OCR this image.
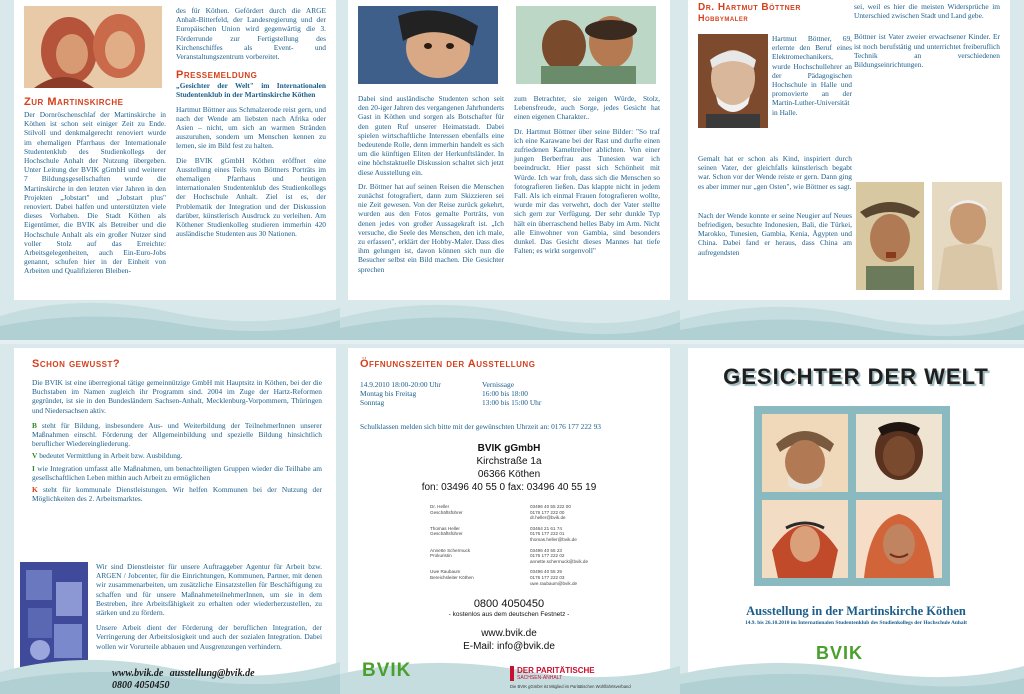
Zur Martinskirche

Der Dornröschenschlaf der Martinskirche in Köthen ist schon seit einiger Zeit zu Ende. Stilvoll und denkmalgerecht renoviert wurde im ehemaligen Pfarrhaus der Internationale Studentenklub des Studienkollegs der Hochschule Anhalt der Nutzung übergeben. Unter Leitung der BVIK gGmbH und weiterer 7 Bildungsgesellschaften wurde die Martinskirche in den letzten vier Jahren in den Projekten „Jobstart" und „Jobstart plus" renoviert. Dabei halfen und unterstützten viele dieses Vorhaben. Die Stadt Köthen als Eigentümer, die BVIK als Betreiber und die Hochschule Anhalt als ein großer Nutzer sind voller Stolz auf das Erreichte: Arbeitsgelegenheiten, auch Ein-Euro-Jobs genannt, schufen hier in der Einheit von Arbeiten und Qualifizieren Bleiben-

des für Köthen. Gefördert durch die ARGE Anhalt-Bitterfeld, der Landesregierung und der Europäischen Union wird gegenwärtig die 3. Förderrunde zur Fertigstellung des Kirchenschiffes als Event- und Veranstaltungszentrum vorbereitet.

Pressemeldung

„Gesichter der Welt" im Internationalen Studentenklub in der Martinskirche Köthen

Hartmut Böttner aus Schmalzerode reist gern, und nach der Wende am liebsten nach Afrika oder Asien – nicht, um sich an warmen Stränden auszuruhen, sondern um Menschen kennen zu lernen, sie im Bild fest zu halten.

Die BVIK gGmbH Köthen eröffnet eine Ausstellung eines Teils von Böttners Porträts im ehemaligen Pfarrhaus und heutigen internationalen Studentenklub des Studienkollegs der Hochschule Anhalt. Ziel ist es, der Problematik der Integration und der Diskussion darüber, künstlerisch Ausdruck zu verleihen. Am Köthener Studienkolleg studieren immerhin 420 ausländische Studenten aus 30 Nationen.

Dabei sind ausländische Studenten schon seit den 20-iger Jahren des vergangenen Jahrhunderts Gast in Köthen und sorgen als Botschafter für den guten Ruf unserer Heimatstadt. Dabei spielen wirtschaftliche Interessen ebenfalls eine bedeutende Rolle, denn immerhin handelt es sich um die künftigen Eliten der Herkunftsländer. In eine höchstaktuelle Diskussion schaltet sich jetzt diese Ausstellung ein.

Dr. Böttner hat auf seinen Reisen die Menschen zunächst fotografiert, dann zum Skizzieren sei nie Zeit gewesen. Von der Reise zurück gekehrt, wurden aus den Fotos gemalte Porträts, von denen jedes von großer Aussagekraft ist. „Ich versuche, die Seele des Menschen, den ich male, zu erfassen", erklärt der Hobby-Maler. Dass dies ihm gelungen ist, davon können sich nun die Besucher selbst ein Bild machen. Die Gesichter sprechen

zum Betrachter, sie zeigen Würde, Stolz, Lebensfreude, auch Sorge, jedes Gesicht hat einen eigenen Charakter..

Dr. Hartmut Böttner über seine Bilder: "So traf ich eine Karawane bei der Rast und durfte einen zufriedenen Kameltreiber ablichten. Von einer jungen Berberfrau aus Tunesien war ich beeindruckt. Hier passt sich Schönheit mit Würde. Ich war froh, dass sich die Menschen so fotografieren ließen. Das klappte nicht in jedem Fall. Als ich einmal Frauen fotografieren wollte, wurde mir das verwehrt, doch der Vater stellte sich gern zur Verfügung. Der sehr dunkle Typ hält ein überraschend helles Baby im Arm. Nicht alle Einwohner von Gambia, sind besonders dunkel. Das Gesicht dieses Mannes hat tiefe Falten; es wirkt sorgenvoll"

Dr. Hartmut Böttner
Hobbymaler

Hartmut Böttner, 69, erlernte den Beruf eines Elektromechanikers, wurde Hochschullehrer an der Pädagogischen Hochschule in Halle und promovierte an der Martin-Luther-Universität in Halle.

Gemalt hat er schon als Kind, inspiriert durch seinen Vater, der gleichfalls künstlerisch begabt war. Schon vor der Wende reiste er gern. Dann ging es aber immer nur „gen Osten", wie Böttner es sagt.

Nach der Wende konnte er seine Neugier auf Neues befriedigen, besuchte Indonesien, Bali, die Türkei, Marokko, Tunesien, Gambia, Kenia, Ägypten und China. Dabei fand er heraus, dass China am aufregendsten

sei, weil es hier die meisten Widersprüche im Unterschied zwischen Stadt und Land gebe.

Böttner ist Vater zweier erwachsener Kinder. Er ist noch berufstätig und unterrichtet freiberuflich Technik an verschiedenen Bildungseinrichtungen.

Schon gewusst?

Die BVIK ist eine überregional tätige gemeinnützige GmbH mit Hauptsitz in Köthen, bei der die Buchstaben im Namen zugleich ihr Programm sind. 2004 im Zuge der Hartz-Reformen gegründet, ist sie in den Bundesländern Sachsen-Anhalt, Mecklenburg-Vorpommern, Thüringen und Niedersachsen aktiv.

B steht für Bildung, insbesondere Aus- und Weiterbildung der TeilnehmerInnen unserer Maßnahmen einschl. Förderung der Allgemeinbildung und spezielle Bildung hinsichtlich beruflicher Wiedereingliederung.

V bedeutet Vermittlung in Arbeit bzw. Ausbildung.

I wie Integration umfasst alle Maßnahmen, um benachteiligten Gruppen wieder die Teilhabe am gesellschaftlichen Leben mithin auch Arbeit zu ermöglichen

K steht für kommunale Dienstleistungen. Wir helfen Kommunen bei der Nutzung der Möglichkeiten des 2. Arbeitsmarktes.

Wir sind Dienstleister für unsere Auftraggeber Agentur für Arbeit bzw. ARGEN / Jobcenter, für die Einrichtungen, Kommunen, Partner, mit denen wir zusammenarbeiten, um zusätzliche Einsatzstellen für Beschäftigung zu schaffen und für unsere MaßnahmeteilnehmerInnen, um sie in dem Bestreben, ihre Arbeitsfähigkeit zu erhalten oder wiederherzustellen, zu stärken und zu fördern.

Unsere Arbeit dient der Förderung der beruflichen Integration, der Verringerung der Arbeitslosigkeit und auch der sozialen Integration. Dabei wollen wir Vorurteile abbauen und Ausgrenzungen verhindern.

www.bvik.de ausstellung@bvik.de
0800 4050450
Öffnungszeiten der Ausstellung
14.9.2010 18:00-20:00 Uhr	Vernissage
Montag bis Freitag	16:00 bis 18:00
Sonntag	13:00 bis 15:00 Uhr

Schulklassen melden sich bitte mit der gewünschten Uhrzeit an: 0176 177 222 93

BVIK gGmbH
Kirchstraße 1a
06366 Köthen
fon: 03496 40 55 0 fax: 03496 40 55 19
Dr. Heller
Geschäftsführer
03496 40 55 222 00
0176 177 222 00
dr.heller@bvik.de
Thomas Heller
Geschäftsführer
03464 21 61 74
0176 177 222 01
thomas.heller@bvik.de
Annette Schermuck
Prokuristin
03496 40 55 23
0176 177 222 02
annette.schermuck@bvik.de
Uwe Raubaum
Bereichsleiter Köthen
03496 40 55 29
0176 177 222 03
uwe.raubaum@bvik.de
0800 4050450
- kostenlos aus dem deutschen Festnetz -
www.bvik.de
E-Mail: info@bvik.de
BVIK	DER PARITÄTISCHE
SACHSEN-ANHALT
Die BVIK gGmbH ist Mitglied im Paritätischen Wohlfahrtsverband
GESICHTER DER WELT
Ausstellung in der Martinskirche Köthen
14.9. bis 26.10.2010 im Internationalen Studentenklub des Studienkollegs der Hochschule Anhalt
BVIK
